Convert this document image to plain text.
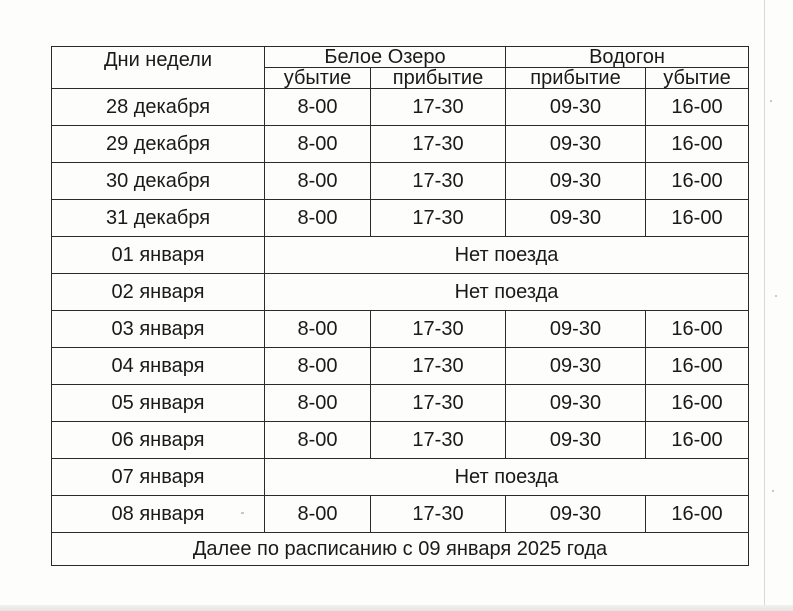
Дни недели	Белое Озеро		Водогон	
	убытие	прибытие	прибытие	убытие
28 декабря	8-00	17-30	09-30	16-00
29 декабря	8-00	17-30	09-30	16-00
30 декабря	8-00	17-30	09-30	16-00
31 декабря	8-00	17-30	09-30	16-00
01 января	Нет поезда			
02 января	Нет поезда			
03 января	8-00	17-30	09-30	16-00
04 января	8-00	17-30	09-30	16-00
05 января	8-00	17-30	09-30	16-00
06 января	8-00	17-30	09-30	16-00
07 января	Нет поезда			
08 января	8-00	17-30	09-30	16-00
Далее по расписанию с 09 января 2025 года				
